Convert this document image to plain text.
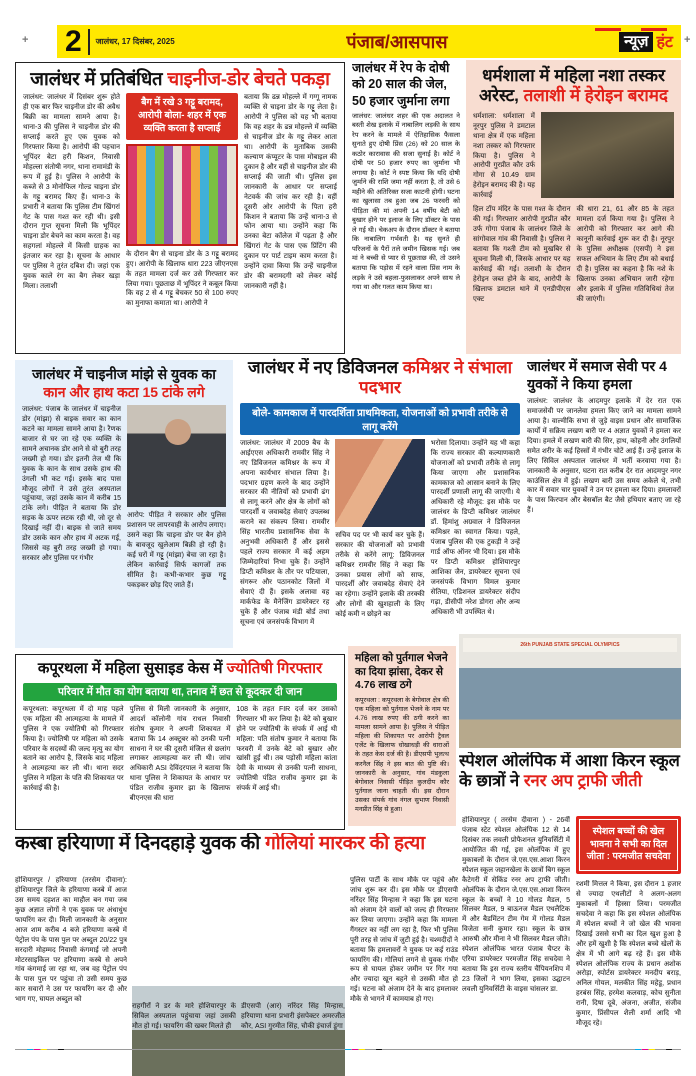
+	+
2 जालंधर, 17 दिसंबर, 2025	पंजाब/आसपास	न्यूज़ हंट
जालंधर में प्रतिबंधित चाइनीज-डोर बेचते पकड़ा

जालंधर: जालंधर में दिसंबर शुरू होते ही एक बार फिर चाइनीज डोर की अवैध बिक्री का मामला सामने आया है। थाना-3 की पुलिस ने चाइनीज डोर की सप्लाई करते हुए एक युवक को गिरफ्तार किया है। आरोपी की पहचान भूपिंदर बेटा हरी किशन, निवासी मोहल्ला संतोषी नगर, थाना रामामंडी के रूप में हुई है। पुलिस ने आरोपी के कब्जे से 3 मोनोफिल गोल्ड चाइना डोर के गट्टू बरामद किए हैं। थाना-3 के प्रभारी ने बताया कि पुलिस टीम खिंगरां गेट के पास गश्त कर रही थी। इसी दौरान गुप्त सूचना मिली कि भूपिंदर चाइना डोर बेचने का काम करता है। वह सहगलां मोहल्ले में किसी ग्राहक का इंतजार कर रहा है। सूचना के आधार पर पुलिस ने तुरंत दबिश दी। जहां एक युवक काले रंग का बैग लेकर खड़ा मिला। तलाशी

बैग में रखे 3 गट्टू बरामद, आरोपी बोला- शहर में एक व्यक्ति करता है सप्लाई

के दौरान बैग से चाइना डोर के 3 गट्टू बरामद हुए। आरोपी के खिलाफ धारा 223 जीएनएस के तहत मामला दर्ज कर उसे गिरफ्तार कर लिया गया। पूछताछ में भूपिंदर ने कबूल किया कि वह 2 से 4 गट्टू बेचकर 50 से 100 रुपए का मुनाफा कमाता था। आरोपी ने

बताया कि ढन्न मोहल्ले में गग्गू नामक व्यक्ति से चाइना डोर के गट्टू लेता है। आरोपी ने पुलिस को यह भी बताया कि वह शहर के ढन्न मोहल्ले में व्यक्ति से चाइनीज डोर के गट्टू लेकर आता था। आरोपी के मुताबिक उसकी कल्याण कंप्यूटर के पास मोबाइल की दुकान है और वहीं से चाइनीज डोर की सप्लाई की जाती थी। पुलिस इस जानकारी के आधार पर सप्लाई नेटवर्क की जांच कर रही है। वहीं दूसरी ओर आरोपी के पिता हरी किशन ने बताया कि उन्हें थाना-3 से फोन आया था। उन्होंने कहा कि उनका बेटा कॉलेज में पढ़ता है और खिंगरां गेट के पास एक प्रिंटिंग की दुकान पर पार्ट टाइम काम करता है। उन्होंने दावा किया कि उन्हें चाइनीज डोर की बरामदगी को लेकर कोई जानकारी नहीं है।

जालंधर में रेप के दोषी को 20 साल की जेल, 50 हजार जुर्माना लगा

जालंधर: जालंधर शहर की एक अदालत ने बस्ती शेख इलाके में नाबालिग लड़की के साथ रेप करने के मामले में ऐतिहासिक फैसला सुनाते हुए दोषी प्रिंस (26) को 20 साल के कठोर कारावास की सजा सुनाई है। कोर्ट ने दोषी पर 50 हजार रुपए का जुर्माना भी लगाया है। कोर्ट ने स्पष्ट किया कि यदि दोषी जुर्माने की राशि जमा नहीं करता है, तो उसे 6 महीने की अतिरिक्त सजा काटनी होगी। घटना का खुलासा तब हुआ जब 26 फरवरी को पीड़िता की मां अपनी 14 वर्षीय बेटी को बुखार होने पर इलाज के लिए डॉक्टर के पास ले गई थी। चेकअप के दौरान डॉक्टर ने बताया कि नाबालिग गर्भवती है। यह सुनते ही परिजनों के पैरों तले जमीन खिसक गई। जब मां ने बच्ची से प्यार से पूछताछ की, तो उसने बताया कि पड़ोस में रहने वाला प्रिंस नाम के लड़के ने उसे बहला-फुसलाकर अपने साथ ले गया था और गलत काम किया था।

धर्मशाला में महिला नशा तस्कर अरेस्ट, तलाशी में हेरोइन बरामद

धर्मशाला: धर्मशाला में नूरपुर पुलिस ने डमटाल थाना क्षेत्र में एक महिला नशा तस्कर को गिरफ्तार किया है। पुलिस ने आरोपी गुरप्रीत कौर उर्फ गोगा से 10.49 ग्राम हेरोइन बरामद की है। यह कार्रवाई

हिल टॉप मंदिर के पास गश्त के दौरान की गई। गिरफ्तार आरोपी गुरप्रीत कौर उर्फ गोगा पंजाब के जालंधर जिले के सांगोवाल गांव की निवासी है। पुलिस ने बताया कि गश्ती टीम को मुखबिर से सूचना मिली थी, जिसके आधार पर यह कार्रवाई की गई। तलाशी के दौरान हेरोइन जब्त होने के बाद, आरोपी के खिलाफ डमटाल थाने में एनडीपीएस एक्ट

की धारा 21, 61 और 85 के तहत मामला दर्ज किया गया है। पुलिस ने आरोपी को गिरफ्तार कर आगे की कानूनी कार्रवाई शुरू कर दी है। नूरपुर के पुलिस अधीक्षक (एसपी) ने इस सफल अभियान के लिए टीम को बधाई दी है। पुलिस का कहना है कि नशे के खिलाफ उनका अभियान जारी रहेगा और इलाके में पुलिस गतिविधियां तेज की जाएंगी।

जालंधर में चाइनीज मांझे से युवक का कान और हाथ कटा 15 टांके लगे

जालंधर: पंजाब के जालंधर में चाइनीज डोर (मांझा) से बाइक सवार का कान कटने का मामला सामने आया है। रैणक बाजार से घर जा रहे एक व्यक्ति के सामने अचानक डोर आने से वो बुरी तरह जख्मी हो गया। डोर इतनी तेज थी कि युवक के कान के साथ उसके हाथ की उंगली भी कट गई। इसके बाद पास मौजूद लोगों ने उसे तुरंत अस्पताल पहुंचाया, जहां उसके कान में करीब 15 टांके लगे। पीड़ित ने बताया कि डोर सड़क के ऊपर लटक रही थी, जो दूर से दिखाई नहीं दी। बाइक से जाते समय डोर उसके कान और हाथ में अटक गई, जिससे वह बुरी तरह जख्मी हो गया। सरकार और पुलिस पर गंभीर

आरोप: पीड़ित ने सरकार और पुलिस प्रशासन पर लापरवाही के आरोप लगाए। उसने कहा कि चाइना डोर पर बैन होने के बावजूद खुलेआम बिक्री हो रही है। कई घरों में गट्टू (मांझा) बेचा जा रहा है। लेकिन कार्रवाई सिर्फ कागजों तक सीमित है। कभी-कभार कुछ गट्टू पकड़कर छोड़ दिए जाते हैं।

जालंधर में नए डिविजनल कमिश्नर ने संभाला पदभार
बोले- कामकाज में पारदर्शिता प्राथमिकता, योजनाओं को प्रभावी तरीके से लागू करेंगे

जालंधर: जालंधर में 2009 बैच के आईएएस अधिकारी रामवीर सिंह ने नए डिविजनल कमिश्नर के रूप में अपना कार्यभार संभाल लिया है। पदभार ग्रहण करने के बाद उन्होंने सरकार की नीतियों को प्रभावी ढंग से लागू करने और क्षेत्र के लोगों को पारदर्शी व जवाबदेह सेवाएं उपलब्ध कराने का संकल्प लिया। रामवीर सिंह भारतीय प्रशासनिक सेवा के अनुभवी अधिकारी हैं और इससे पहले राज्य सरकार में कई अहम जिम्मेदारियां निभा चुके हैं। उन्होंने डिप्टी कमिश्नर के तौर पर पटियाला, संगरूर और पठानकोट जिलों में सेवाएं दी हैं। इसके अलावा वह मार्कफेड के मैनेजिंग डायरेक्टर रह चुके हैं और पंजाब मंडी बोर्ड तथा सूचना एवं जनसंपर्क विभाग में

सचिव पद पर भी कार्य कर चुके हैं। सरकार की योजनाओं को प्रभावी तरीके से करेंगे लागू: डिविजनल कमिश्नर रामवीर सिंह ने कहा कि उनका प्रयास लोगों को साफ, पारदर्शी और जवाबदेह सेवाएं देने का रहेगा। उन्होंने इलाके की तरक्की और लोगों की खुशहाली के लिए कोई कमी न छोड़ने का

भरोसा दिलाया। उन्होंने यह भी कहा कि राज्य सरकार की कल्याणकारी योजनाओं को प्रभावी तरीके से लागू किया जाएगा और प्रशासनिक कामकाज को आसान बनाने के लिए पारदर्शी प्रणाली लागू की जाएगी। ये अधिकारी रहे मौजूद: इस मौके पर जालंधर के डिप्टी कमिश्नर जालंधर डॉ. हिमांशु अग्रवाल ने डिविजनल कमिश्नर का स्वागत किया। पहले, पंजाब पुलिस की एक टुकड़ी ने उन्हें गार्ड ऑफ ऑनर भी दिया। इस मौके पर डिप्टी कमिश्नर होशियारपुर आशिका जैन, डायरेक्टर सूचना एवं जनसंपर्क विभाग विमल कुमार सेतिया, एडिशनल डायरेक्टर संदीप गढ़ा, डीसीपी नरेश डोगरा और अन्य अधिकारी भी उपस्थित थे।

जालंधर में समाज सेवी पर 4 युवकों ने किया हमला

जालंधर: जालंधर के आदमपुर इलाके में देर रात एक समाजसेवी पर जानलेवा हमला किए जाने का मामला सामने आया है। वाल्मीकि सभा से जुड़े वाइस प्रधान और सामाजिक कार्यों में सक्रिय लखण बारी पर 4 अज्ञात युवकों ने हमला कर दिया। हमले में लखण बारी की सिर, हाथ, कोहनी और उंगलियों समेत शरीर के कई हिस्सों में गंभीर चोटें आई हैं। उन्हें इलाज के लिए सिविल अस्पताल जालंधर में भर्ती करवाया गया है। जानकारी के अनुसार, घटना रात करीब देर रात आदमपुर नगर काउंसिल क्षेत्र में हुई। लखण बारी उस समय अकेले थे, तभी कार में सवार चार युवकों ने उन पर हमला कर दिया। हमलावरों के पास किरपान और बेसबॉल बैट जैसे हथियार बताए जा रहे हैं।

26th PUNJAB STATE SPECIAL OLYMPICS
कपूरथला में महिला सुसाइड केस में ज्योतिषी गिरफ्तार
परिवार में मौत का योग बताया था, तनाव में छत से कूदकर दी जान

कपूरथला: कपूरथला में दो माह पहले एक महिला की आत्महत्या के मामले में पुलिस ने एक ज्योतिषी को गिरफ्तार किया है। ज्योतिषी पर महिला को उसके परिवार के सदस्यों की जल्द मृत्यु का योग बताने का आरोप है, जिसके बाद महिला ने आत्महत्या कर ली थी। थाना सदर पुलिस ने महिला के पति की शिकायत पर कार्रवाई की है।

पुलिस से मिली जानकारी के अनुसार, आदर्श कॉलोनी गांव राधल निवासी संतोष कुमार ने अपनी शिकायत में बताया कि 14 अक्टूबर को उनकी पत्नी साधना ने घर की दूसरी मंजिल से छलांग लगाकर आत्महत्या कर ली थी। जांच अधिकारी ASI देविंदरपाल ने बताया कि थाना पुलिस ने शिकायत के आधार पर पंडित राजीव कुमार झा के खिलाफ बीएनएस की धारा

108 के तहत FIR दर्ज कर उसको गिरफ्तार भी कर लिया है। बेटे को बुखार होने पर ज्योतिषी के संपर्क में आई थी महिला: पति संतोष कुमार ने बताया कि फरवरी में उनके बेटे को बुखार और खांसी हुई थी। तब पड़ोसी महिला कांता देवी के माध्यम से उनकी पत्नी साधना, ज्योतिषी पंडित राजीव कुमार झा के संपर्क में आई थी।

महिला को पुर्तगाल भेजने का दिया झांसा, देकर से 4.76 लाख ठगे

कपूरथला : कपूरथला के बेगोवाल क्षेत्र की एक महिला को पुर्तगाल भेजने के नाम पर 4.76 लाख रुपए की ठगी करने का मामला सामने आया है। पुलिस ने पीड़ित महिला की शिकायत पर आरोपी ट्रैवल एजेंट के खिलाफ धोखाधड़ी की धाराओं के तहत केस दर्ज की है। डीएसपी भुलत्थ करनैल सिंह ने इस बात की पुष्टि की। जानकारी के अनुसार, गांव मंडकुला बेगोवाल निवासी पीड़ित कुलदीप कौर पुर्तगाल जाना चाहती थी। इस दौरान उसका संपर्क गांव नंगल सुभाण निवासी मनप्रीत सिंह से हुआ।

स्पेशल ओलंपिक में आशा किरन स्कूल के छात्रों ने रनर अप ट्राफी जीती

होशियारपुर ( तरसेम दीवाना ) - 26वीं पंजाब स्टेट स्पेशल ओलंपिक 12 से 14 दिसंबर तक लवली प्रोफैशनल युनिवर्सिटी में आयोजित की गई, इस ओलंपिक में हुए मुकाबलों के दौरान जे.एस.एस.आशा किरन स्पेशल स्कूल जहानखेला के छात्रों बिग स्कूल कैटेगरी में सेकिंड रनर अप ट्राफी जीती। ओलंपिक के दौरान जे.एस.एस.आशा किरन स्कूल के बच्चों ने 10 गोलड मैडल, 5 सिलवर मैडल, 9 बाऊनज मैडल एथलैटिक में और बैडमिंटन टीम गेम में गोलड मैडल विजेता सनी कुमार रहा। स्कूल के छात्र आरुषी और मीना ने भी सिलवर मैडल जीते। स्पेशल ओलंपिक भारत पंजाब चैप्टर के एरिया डायरेक्टर परमजीत सिंह सचदेवा ने बताया कि इस राज्य स्तरीय चैंपियनशिप में 23 जिलों ने भाग लिया, इसका उद्घाटन लवली युनिवर्सिटी के वाइस चांसलर डा.

स्पेशल बच्चों की खेल भावना ने सभी का दिल जीता : परमजीत सचदेवा

रशमी मित्तल ने किया, इस दौरान 1 हजार से ज्यादा एथलीटों ने अलग-अलग मुकाबलों में हिस्सा लिया। परमजीत सचदेवा ने कहा कि इस स्पेशल ओलंपिक में स्पेशल बच्चों ने जो खेल की भावना दिखाई उससे सभी का दिल खुश हुआ है और हमें खुशी है कि स्पेशल बच्चे खेलों के क्षेत्र में भी आगे बढ़ रहे हैं। इस मौके स्पेशल ओलंपिक राज्य के प्रधान अशोक अरोड़ा, स्पोर्टस डायरेक्टर मनदीप बराड़, अनिल गोयल, मलकीत सिंह महेडू, प्रधान हरबंस सिंह, हरमेश कलवाड़, कोच सुनीता रानी, दिषा दूबे, अंजना, अजीत, संजीव कुमार, प्रिंसीपल शैली शर्मा आदि भी मौजूद रहे।

कस्बा हरियाणा में दिनदहाड़े युवक की गोलियां मारकर की हत्या

होशियारपुर / हरियाणा (तरसेम दीवाना): होशियारपुर जिले के हरियाणा कस्बे में आज उस समय दहशत का माहौल बन गया जब कुछ अज्ञात लोगों ने एक युवक पर अंधाधुंध फायरिंग कर दी। मिली जानकारी के अनुसार आज शाम करीब 4 बजे हरियाणा कस्बे में पेट्रोल पंप के पास पुल पर अब्दुल 20/22 पुत्र सरदारी मोहम्मद निवासी कंगमाई जो अपनी मोटरसाइकिल पर हरियाणा कस्बे से अपने गांव कंगमाई जा रहा था, जब वह पेट्रोल पंप के पास पुल पर पहुंचा तो उसी समय कुछ कार सवारों ने उस पर फायरिंग कर दी और भाग गए, घायल अब्दुल को

राहगीरों ने डर के मारे होशियारपुर के सिविल अस्पताल पहुंचाया जहां उसकी मौत हो गई। फायरिंग की खबर मिलते ही

डीएसपी (आर) नरिंदर सिंह मिन्हास, हरियाणा थाना प्रभारी इंसपेक्टर अमरजीत कौर, ASI गुरमीत सिंह, चौकी इंचार्ज डूंगा

पुलिस पार्टी के साथ मौके पर पहुंचे और जांच शुरू कर दी। इस मौके पर डीएसपी नरिंदर सिंह मिन्हास ने कहा कि इस घटना को अंजाम देने वालों को जल्द ही गिरफ्तार कर लिया जाएगा। उन्होंने कहा कि मामला गैंगस्टर का नहीं लग रहा है, फिर भी पुलिस पूरी तरह से जांच में जुटी हुई है। चश्मदीदों ने बताया कि हमलावरों ने युवक पर कई राउंड फायरिंग की। गोलियां लगने से युवक गंभीर रूप से घायल होकर जमीन पर गिर गया और ज्यादा खून बहने से उसकी मौत हो गई। घटना को अंजाम देने के बाद हमलावर मौके से भागने में कामयाब हो गए।
